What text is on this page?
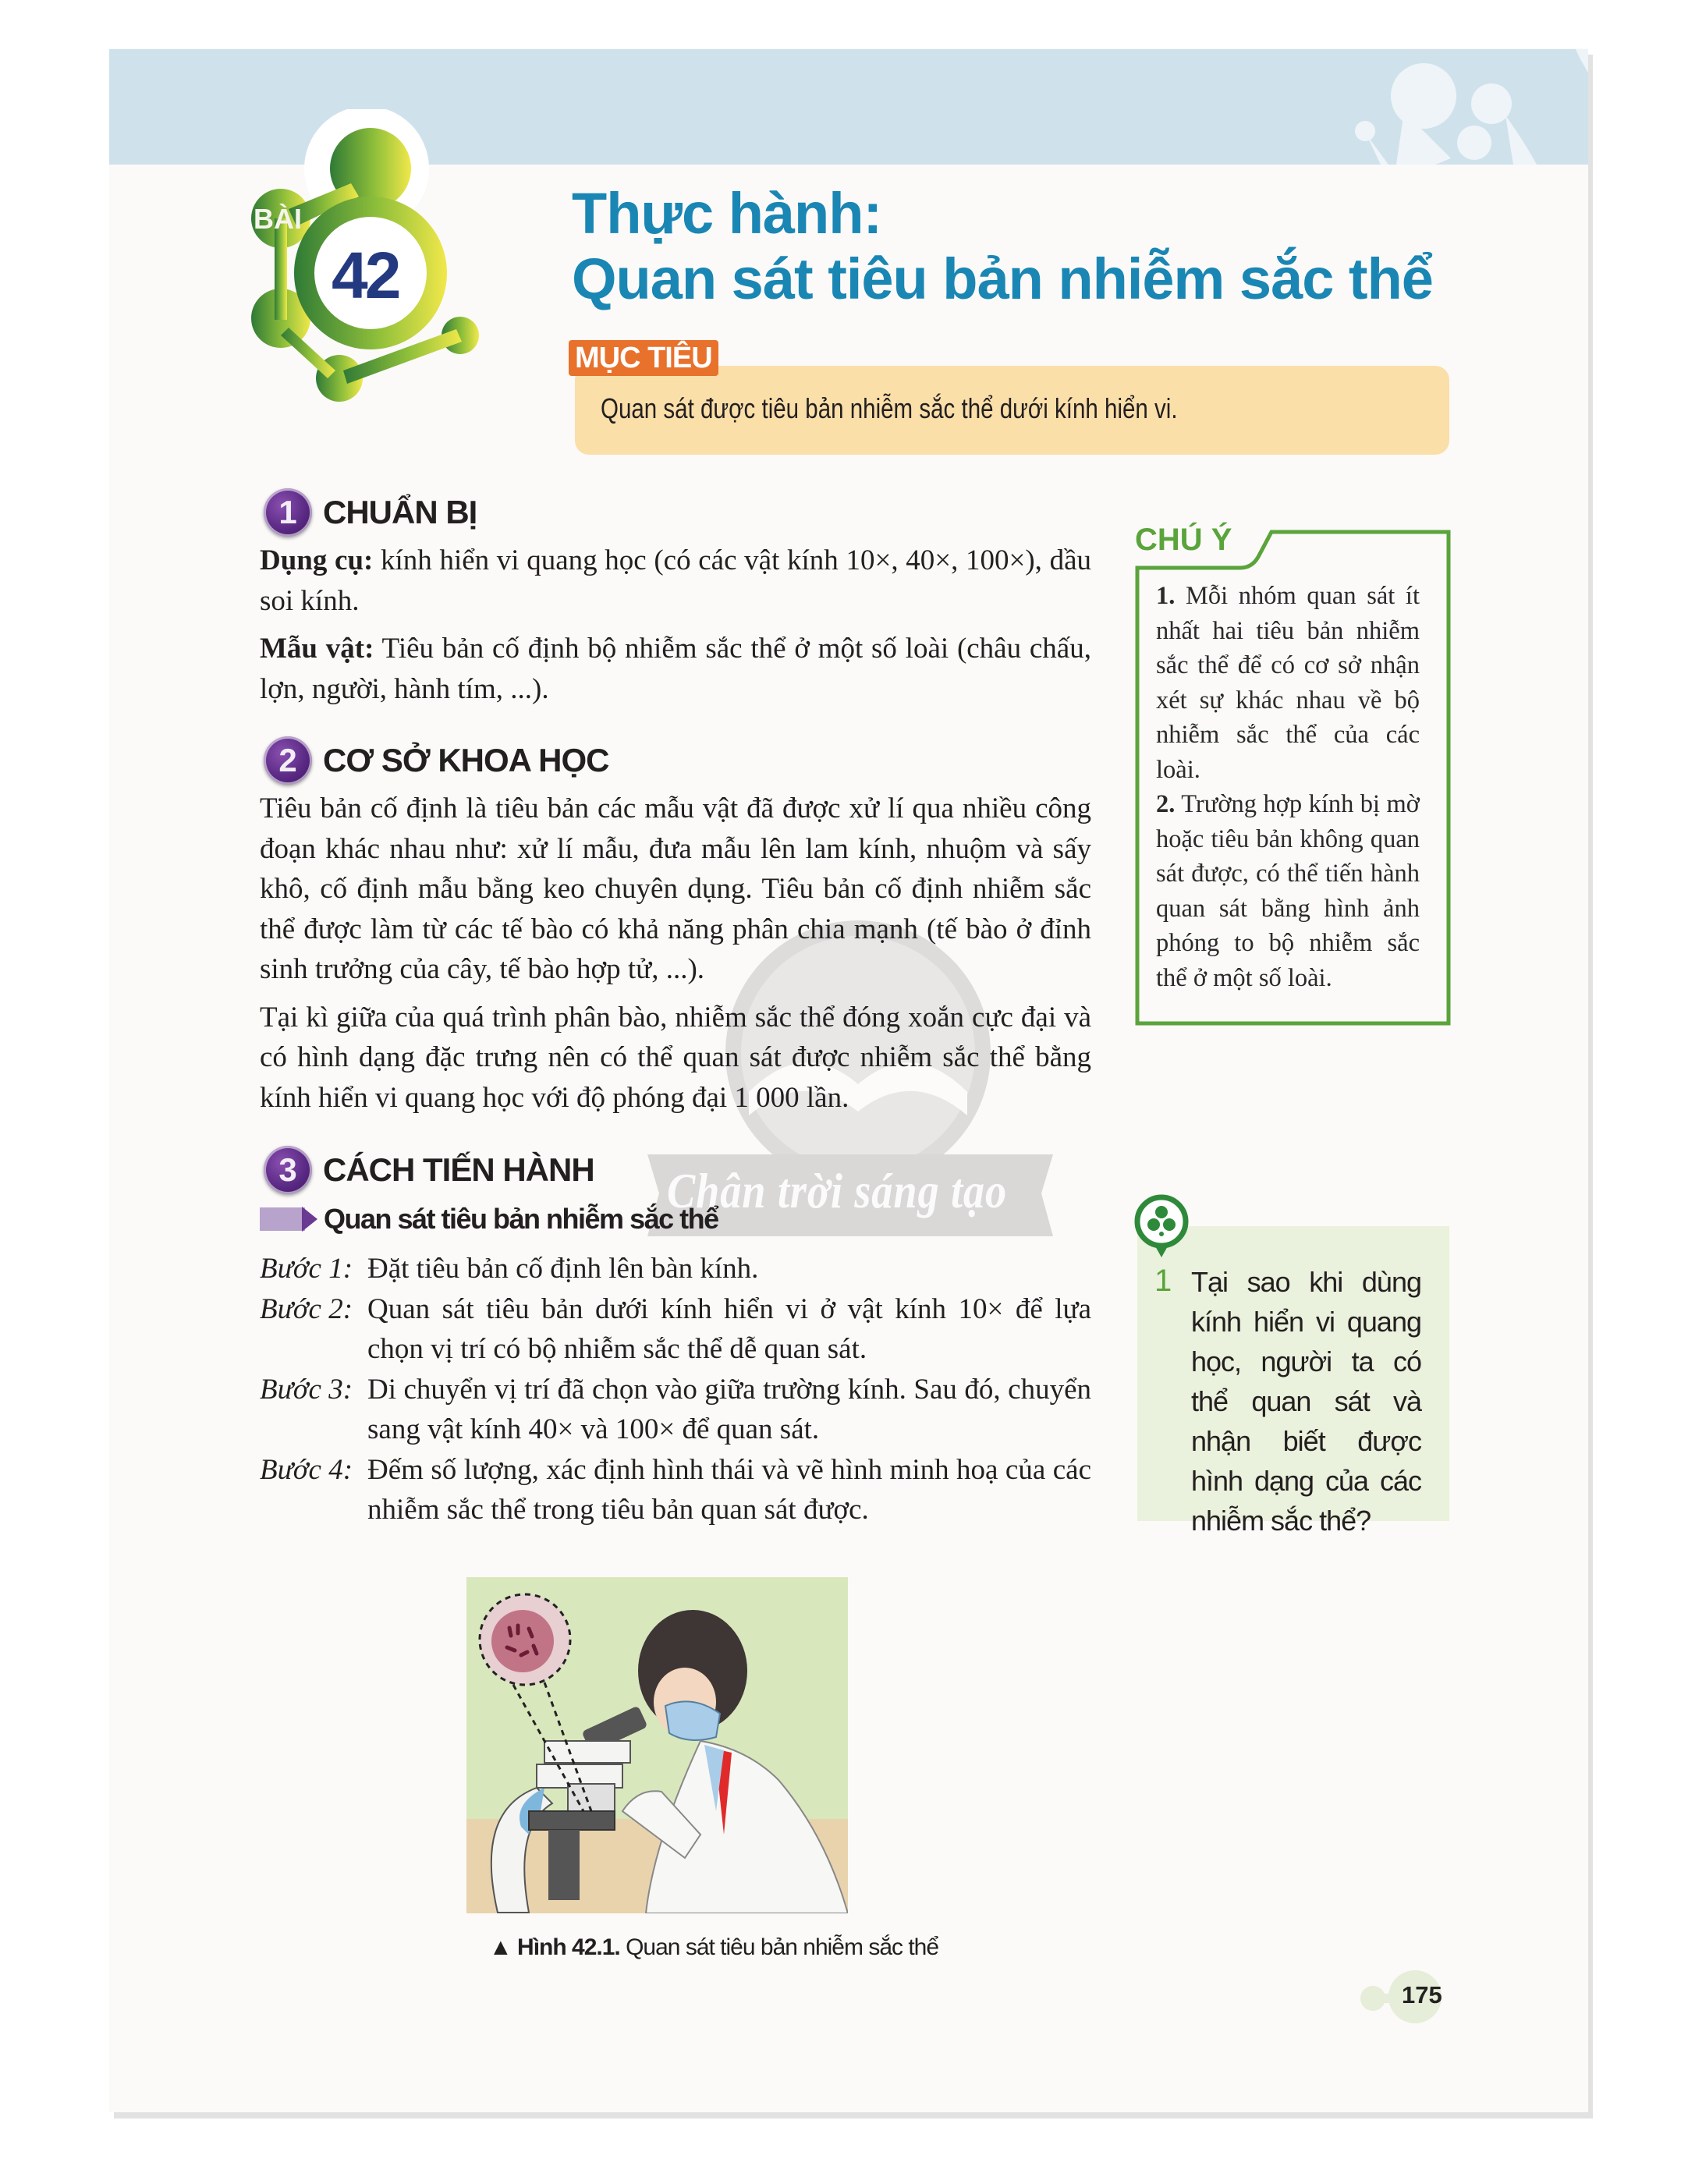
BÀI
42
Thực hành:
Quan sát tiêu bản nhiễm sắc thể
MỤC TIÊU
Quan sát được tiêu bản nhiễm sắc thể dưới kính hiển vi.
Chân trời sáng tạo
1 CHUẨN BỊ

Dụng cụ: kính hiển vi quang học (có các vật kính 10×, 40×, 100×), dầu soi kính.

Mẫu vật: Tiêu bản cố định bộ nhiễm sắc thể ở một số loài (châu chấu, lợn, người, hành tím, ...).

2 CƠ SỞ KHOA HỌC

Tiêu bản cố định là tiêu bản các mẫu vật đã được xử lí qua nhiều công đoạn khác nhau như: xử lí mẫu, đưa mẫu lên lam kính, nhuộm và sấy khô, cố định mẫu bằng keo chuyên dụng. Tiêu bản cố định nhiễm sắc thể được làm từ các tế bào có khả năng phân chia mạnh (tế bào ở đỉnh sinh trưởng của cây, tế bào hợp tử, ...).

Tại kì giữa của quá trình phân bào, nhiễm sắc thể đóng xoắn cực đại và có hình dạng đặc trưng nên có thể quan sát được nhiễm sắc thể bằng kính hiển vi quang học với độ phóng đại 1 000 lần.

3 CÁCH TIẾN HÀNH
Quan sát tiêu bản nhiễm sắc thể
Bước 1: Đặt tiêu bản cố định lên bàn kính.
Bước 2: Quan sát tiêu bản dưới kính hiển vi ở vật kính 10× để lựa chọn vị trí có bộ nhiễm sắc thể dễ quan sát.
Bước 3: Di chuyển vị trí đã chọn vào giữa trường kính. Sau đó, chuyển sang vật kính 40× và 100× để quan sát.
Bước 4: Đếm số lượng, xác định hình thái và vẽ hình minh hoạ của các nhiễm sắc thể trong tiêu bản quan sát được.
CHÚ Ý

1. Mỗi nhóm quan sát ít nhất hai tiêu bản nhiễm sắc thể để có cơ sở nhận xét sự khác nhau về bộ nhiễm sắc thể của các loài.

2. Trường hợp kính bị mờ hoặc tiêu bản không quan sát được, có thể tiến hành quan sát bằng hình ảnh phóng to bộ nhiễm sắc thể ở một số loài.

1 Tại sao khi dùng kính hiển vi quang học, người ta có thể quan sát và nhận biết được hình dạng của các nhiễm sắc thể?
▲ Hình 42.1. Quan sát tiêu bản nhiễm sắc thể
175
